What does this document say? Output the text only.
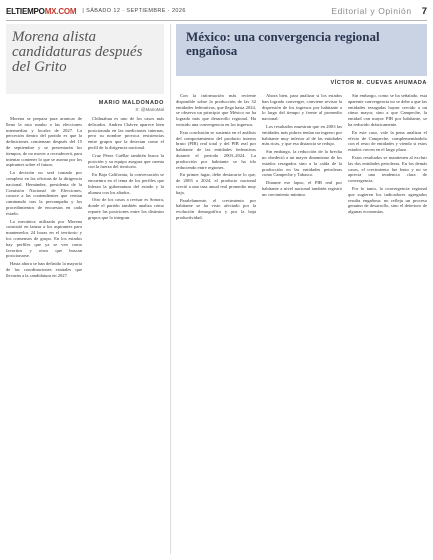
ELTIEMPOMX.COM | SÁBADO 12 · SEPTIEMBRE · 2026	Editorial y Opinión 7
Morena alista candidaturas después del Grito
MARIO MALDONADO
X: @MarioMal

Morena se prepara para arrancar de lleno la ruta rumbo a las elecciones intermedias y locales de 2027. La perceción dentro del partido es que la definiciones comienzan después del 15 de septiembre y se presentarán los tiempos, de no mover a recrudecerá, para intentar contener lo que se asoma por los aspirantes sobre el futuro.

La decisión no será tomada por completo en las oficinas de la dirigencia nacional. Hernández, presidenta de la Comisión Nacional de Elecciones, conoce a las contendientes que venían caminando tras la precampaña y los procedimientos de encuestas en cada estado.

La mecánica utilizada por Morena consistió en lanzar a los aspirantes para mantenerlos 24 horas en el territorio y los consensos de grupo. En los estados hay perfiles que ya se ven como favoritos y otros que buscan posicionarse.

Hasta ahora se han definido la mayoría de las coordinaciones estatales que llevarán a la candidatura en 2027.

Chihuahua es uno de los casos más delicados. Andrea Chávez aparece bien posicionada en las mediciones internas, pero su nombre provoca resistencias entre grupos que la detectan como el perfil de la dirigencia nacional.

Cruz Pérez Cuéllar también busca la posición y su equipo asegura que cuenta con la fuerza del territorio.

En Baja California, la conversación se encuentra en el tema de los perfiles que lideran la gubernatura del estado y la alianza con los aliados.

Otro de los casos a revisar es Sonora, donde el partido también analiza cómo reparte las posiciones entre los distintos grupos que lo integran.

México: una convergencia regional engañosa
VÍCTOR M. CUEVAS AHUMADA

Con la información más reciente disponible sobre la producción de las 32 entidades federativas, que llega hasta 2024, se observa un principio que México no ha logrado más que desarrollo regional. Ha existido una convergencia en los ingresos.

Esta conclusión se sustenta en el análisis del comportamiento del producto interno bruto (PIB) real total y del PIB real por habitante de las entidades federativas durante el periodo 2003–2024. La producción por habitante se ha ido reduciendo entre regiones.

En primer lugar, debe destacarse lo que, de 2003 a 2024, el producto nacional creció a una tasa anual real promedio muy baja.

Paralelamente, el crecimiento por habitante se ha visto afectado por la evolución demográfica y por la baja productividad.

Ahora bien, para analizar si los estados han logrado converger, conviene revisar la dispersión de los ingresos por habitante a lo largo del tiempo y frente al promedio nacional.

Los resultados muestran que en 2003 las entidades más pobres tenían un ingreso por habitante muy inferior al de las entidades más ricas, y que esa distancia se redujo.

Sin embargo, la reducción de la brecha no obedeció a un mayor dinamismo de los estados rezagados sino a la caída de la producción en las entidades petroleras como Campeche y Tabasco.

Durante ese lapso, el PIB real por habitante a nivel nacional también registró un crecimiento mínimo.

Sin embargo, como se ha señalado, esta aparente convergencia no se debe a que las entidades rezagadas hayan crecido a un ritmo mayor, sino a que Campeche, la entidad con mayor PIB por habitante, se ha reducido drásticamente.

En este caso, vale la pena analizar el efecto de Campeche, complementándolo con el resto de entidades y viendo si estos estados crecen en el largo plazo.

Estos resultados se mantienen al excluir las dos entidades petroleras. En los demás casos, el crecimiento fue lento y no se aprecia una tendencia clara de convergencia.

Por lo tanto, la convergencia regional que sugieren los indicadores agregados resulta engañosa: no refleja un proceso genuino de desarrollo, sino el deterioro de algunas economías.
